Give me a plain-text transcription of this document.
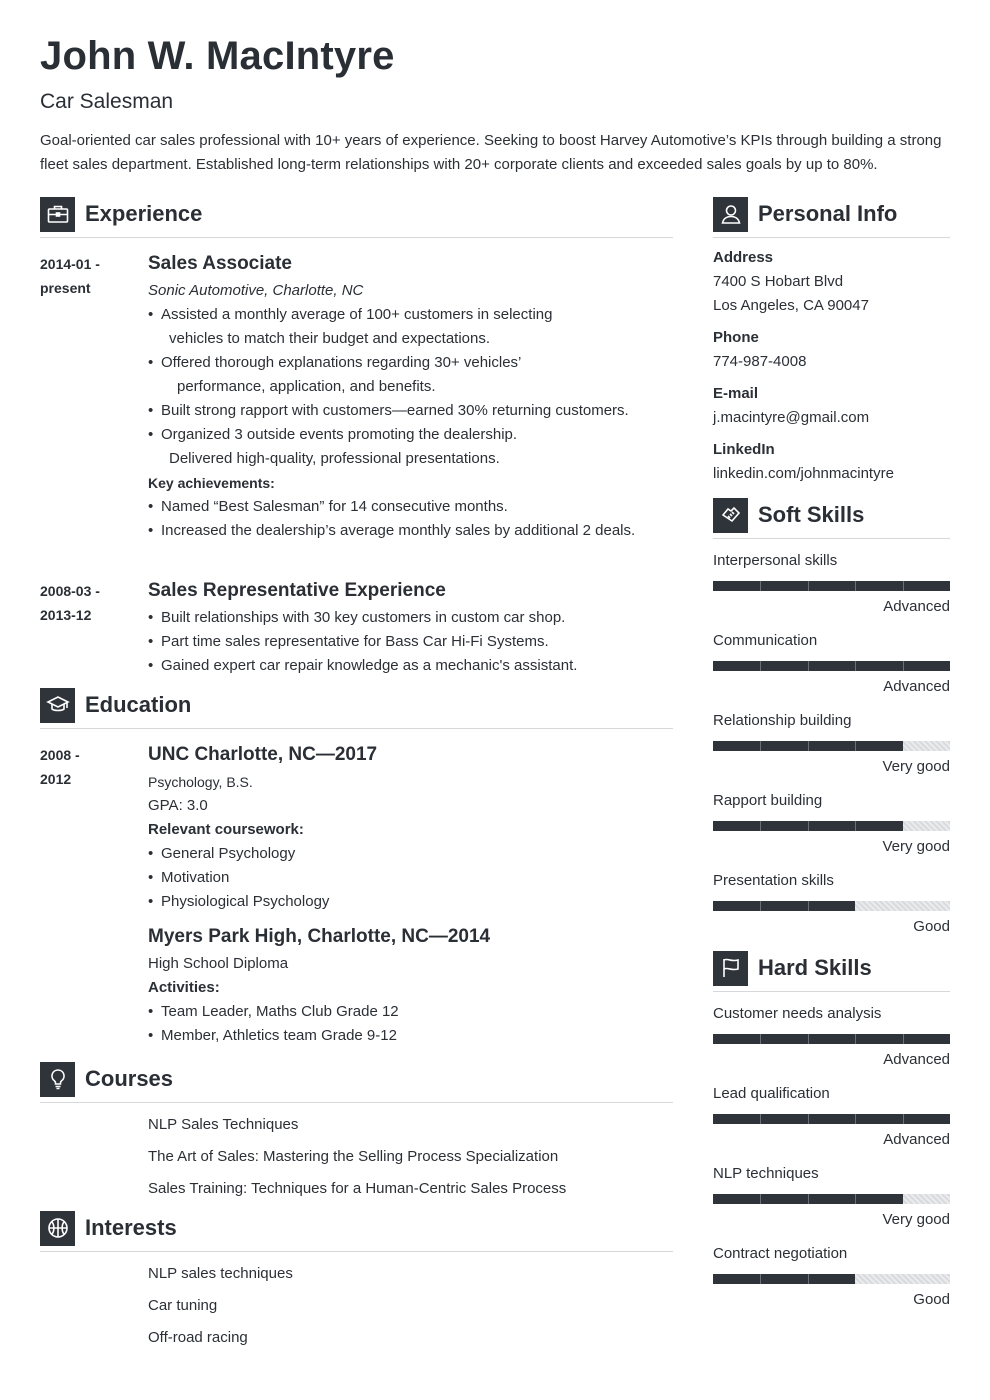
John W. MacIntyre
Car Salesman
Goal-oriented car sales professional with 10+ years of experience. Seeking to boost Harvey Automotive’s KPIs through building a strong fleet sales department. Established long-term relationships with 20+ corporate clients and exceeded sales goals by up to 80%.
Experience
2014-01 -
present
Sales Associate
Sonic Automotive, Charlotte, NC
• Assisted a monthly average of 100+ customers in selecting
vehicles to match their budget and expectations.
• Offered thorough explanations regarding 30+ vehicles’
performance, application, and benefits.
• Built strong rapport with customers—earned 30% returning customers.
• Organized 3 outside events promoting the dealership.
Delivered high-quality, professional presentations.
Key achievements:
• Named “Best Salesman” for 14 consecutive months.
• Increased the dealership’s average monthly sales by additional 2 deals.
2008-03 -
2013-12
Sales Representative Experience
• Built relationships with 30 key customers in custom car shop.
• Part time sales representative for Bass Car Hi-Fi Systems.
• Gained expert car repair knowledge as a mechanic's assistant.
Education
2008 -
2012
UNC Charlotte, NC—2017
Psychology, B.S.
GPA: 3.0
Relevant coursework:
• General Psychology
• Motivation
• Physiological Psychology
Myers Park High, Charlotte, NC—2014
High School Diploma
Activities:
• Team Leader, Maths Club Grade 12
• Member, Athletics team Grade 9-12
Courses
NLP Sales Techniques
The Art of Sales: Mastering the Selling Process Specialization
Sales Training: Techniques for a Human-Centric Sales Process
Interests
NLP sales techniques
Car tuning
Off-road racing
Personal Info
Address
7400 S Hobart Blvd
Los Angeles, CA 90047
Phone
774-987-4008
E-mail
j.macintyre@gmail.com
LinkedIn
linkedin.com/johnmacintyre
Soft Skills
Interpersonal skills
Advanced
Communication
Advanced
Relationship building
Very good
Rapport building
Very good
Presentation skills
Good
Hard Skills
Customer needs analysis
Advanced
Lead qualification
Advanced
NLP techniques
Very good
Contract negotiation
Good
